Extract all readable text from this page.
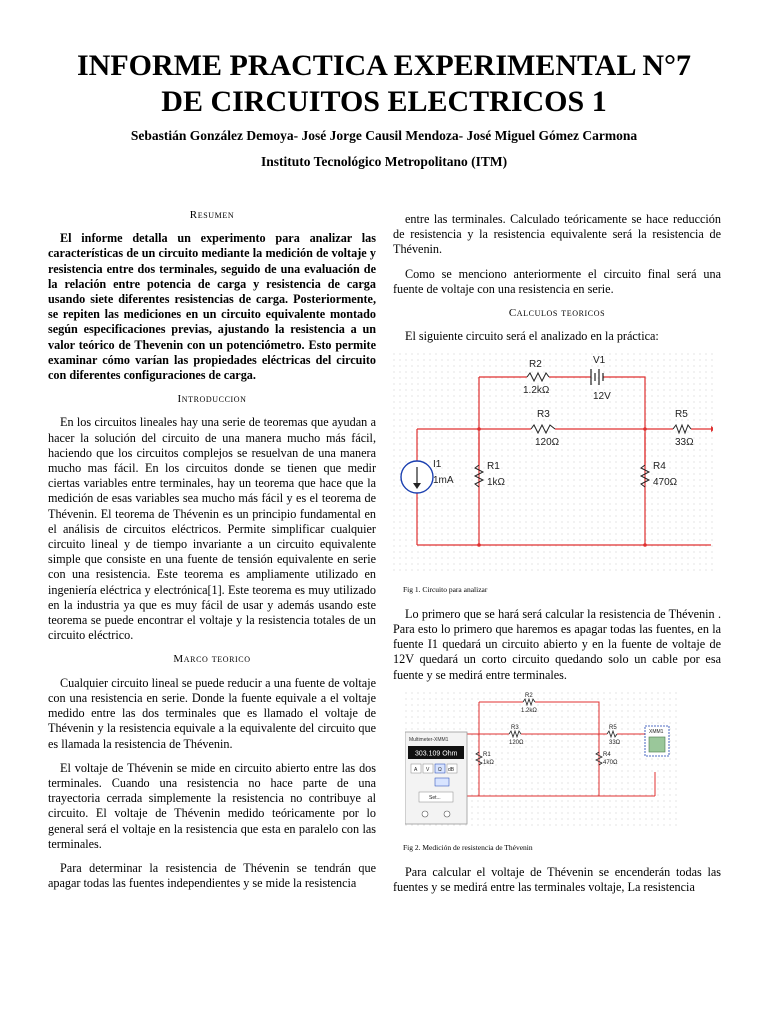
INFORME PRACTICA EXPERIMENTAL N°7
DE CIRCUITOS ELECTRICOS 1

Sebastián González Demoya- José Jorge Causil Mendoza- José Miguel Gómez Carmona

Instituto Tecnológico Metropolitano (ITM)

Resumen

El informe detalla un experimento para analizar las características de un circuito mediante la medición de voltaje y resistencia entre dos terminales, seguido de una evaluación de la relación entre potencia de carga y resistencia de carga usando siete diferentes resistencias de carga. Posteriormente, se repiten las mediciones en un circuito equivalente montado según especificaciones previas, ajustando la resistencia a un valor teórico de Thevenin con un potenciómetro. Esto permite examinar cómo varían las propiedades eléctricas del circuito con diferentes configuraciones de carga.

Introduccion

En los circuitos lineales hay una serie de teoremas que ayudan a hacer la solución del circuito de una manera mucho más fácil, haciendo que los circuitos complejos se resuelvan de una manera mucho mas fácil. En los circuitos donde se tienen que medir ciertas variables entre terminales, hay un teorema que hace que la medición de esas variables sea mucho más fácil y es el teorema de Thévenin. El teorema de Thévenin es un principio fundamental en el análisis de circuitos eléctricos. Permite simplificar cualquier circuito lineal y de tiempo invariante a un circuito equivalente simple que consiste en una fuente de tensión equivalente en serie con una resistencia. Este teorema es ampliamente utilizado en ingeniería eléctrica y electrónica[1]. Este teorema es muy utilizado en la industria ya que es muy fácil de usar y además usando este teorema se puede encontrar el voltaje y la resistencia totales de un circuito eléctrico.

Marco teorico

Cualquier circuito lineal se puede reducir a una fuente de voltaje con una resistencia en serie. Donde la fuente equivale a el voltaje medido entre las dos terminales que es llamado el voltaje de Thévenin y la resistencia equivale a la equivalente del circuito que es llamada la resistencia de Thévenin.

El voltaje de Thévenin se mide en circuito abierto entre las dos terminales. Cuando una resistencia no hace parte de una trayectoria cerrada simplemente la resistencia no contribuye al circuito. El voltaje de Thévenin medido teóricamente por lo general será el voltaje en la resistencia que esta en paralelo con las terminales.

Para determinar la resistencia de Thévenin se tendrán que apagar todas las fuentes independientes y se mide la resistencia

entre las terminales. Calculado teóricamente se hace reducción de resistencia y la resistencia equivalente será la resistencia de Thévenin.

Como se menciono anteriormente el circuito final será una fuente de voltaje con una resistencia en serie.

Calculos teoricos

El siguiente circuito será el analizado en la práctica:

R2
1.2kΩ
V1
12V
R3
120Ω
R5
33Ω
I1
1mA
R1
1kΩ
R4
470Ω
Fig 1. Circuito para analizar

Lo primero que se hará será calcular la resistencia de Thévenin . Para esto lo primero que haremos es apagar todas las fuentes, en la fuente I1 quedará un circuito abierto y en la fuente de voltaje de 12V quedará un corto circuito quedando solo un cable por esa fuente y se medirá entre terminales.

R2
1.2kΩ
R3
120Ω
R5
33Ω
R1
1kΩ
R4
470Ω
XMM1
Multimeter-XMM1
303.109 Ohm
A V Ω dB
Set...
Fig 2. Medición de resistencia de Thévenin

Para calcular el voltaje de Thévenin se encenderán todas las fuentes y se medirá entre las terminales voltaje, La resistencia
